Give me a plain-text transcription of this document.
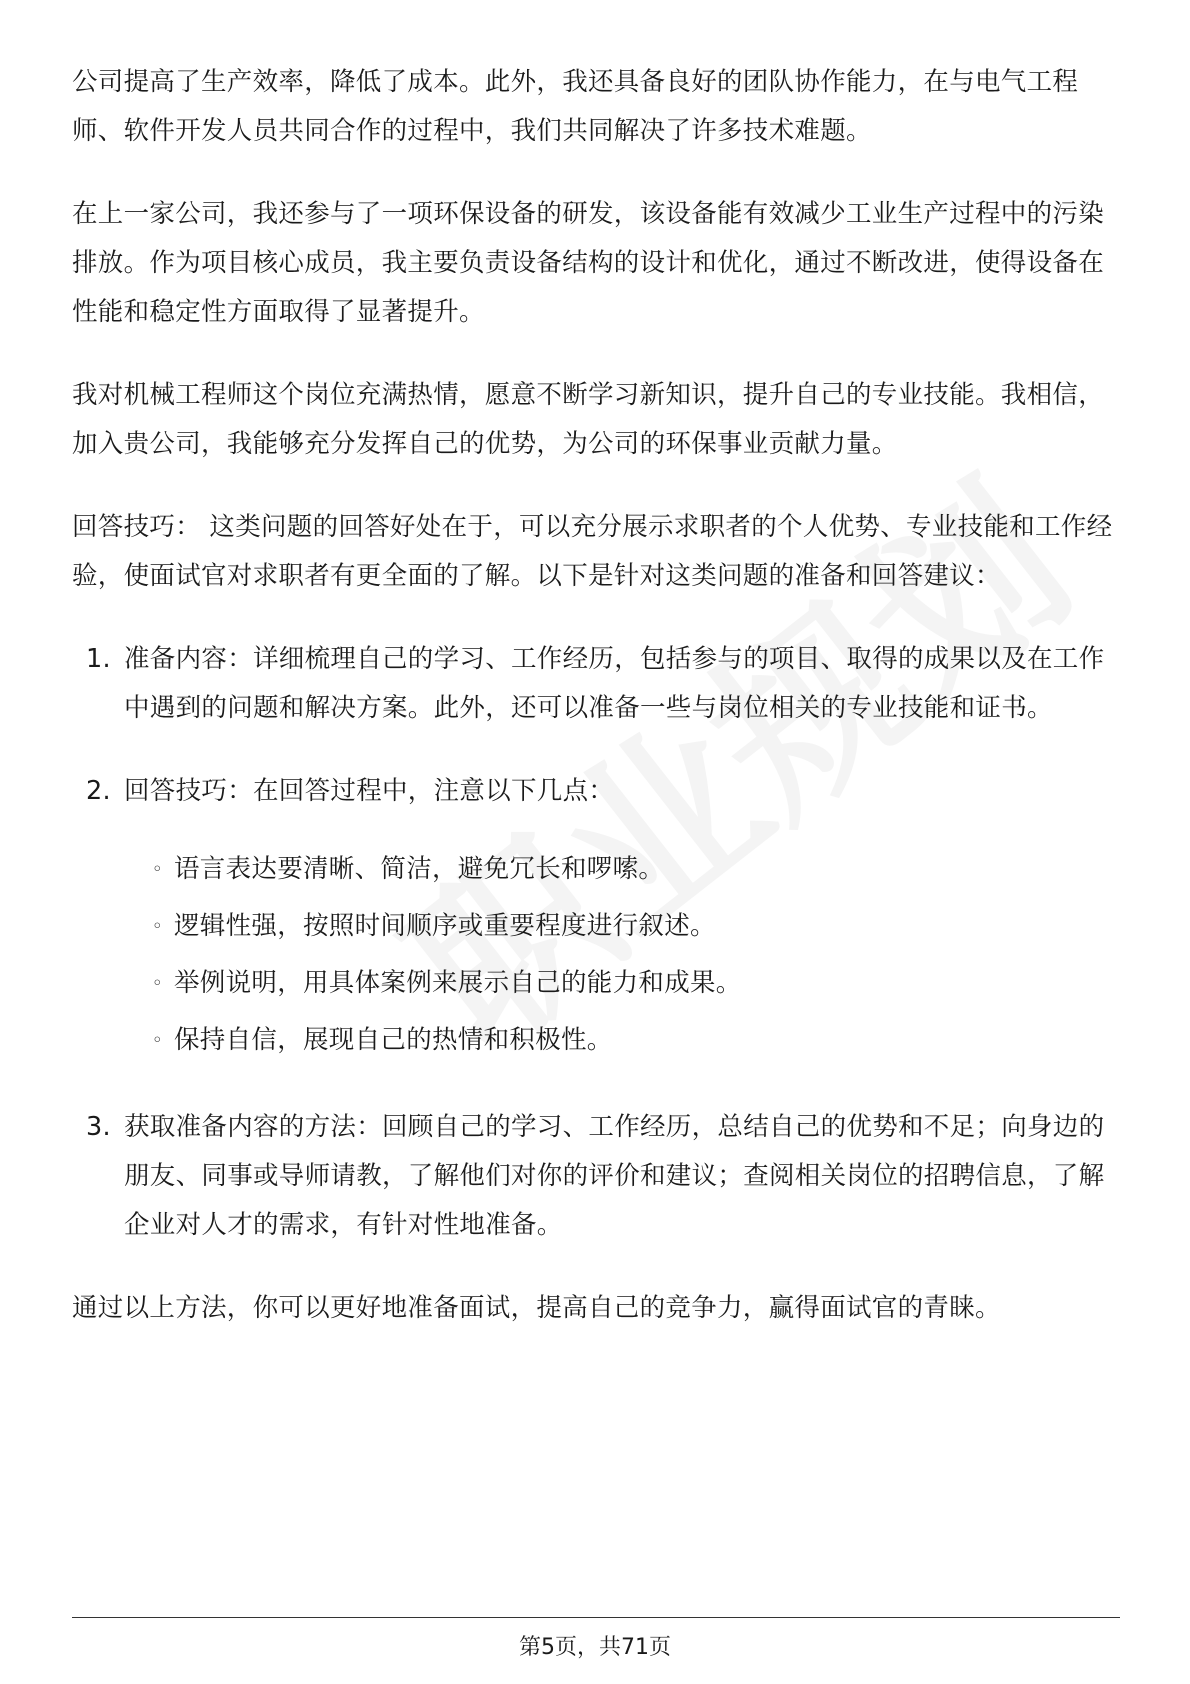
公司提高了生产效率，降低了成本。此外，我还具备良好的团队协作能力，在与电气工程师、软件开发人员共同合作的过程中，我们共同解决了许多技术难题。

在上一家公司，我还参与了一项环保设备的研发，该设备能有效减少工业生产过程中的污染排放。作为项目核心成员，我主要负责设备结构的设计和优化，通过不断改进，使得设备在性能和稳定性方面取得了显著提升。

我对机械工程师这个岗位充满热情，愿意不断学习新知识，提升自己的专业技能。我相信，加入贵公司，我能够充分发挥自己的优势，为公司的环保事业贡献力量。

回答技巧： 这类问题的回答好处在于，可以充分展示求职者的个人优势、专业技能和工作经验，使面试官对求职者有更全面的了解。以下是针对这类问题的准备和回答建议：

1. 准备内容：详细梳理自己的学习、工作经历，包括参与的项目、取得的成果以及在工作中遇到的问题和解决方案。此外，还可以准备一些与岗位相关的专业技能和证书。
2. 回答技巧：在回答过程中，注意以下几点：
◦ 语言表达要清晰、简洁，避免冗长和啰嗦。
◦ 逻辑性强，按照时间顺序或重要程度进行叙述。
◦ 举例说明，用具体案例来展示自己的能力和成果。
◦ 保持自信，展现自己的热情和积极性。
3. 获取准备内容的方法：回顾自己的学习、工作经历，总结自己的优势和不足；向身边的朋友、同事或导师请教，了解他们对你的评价和建议；查阅相关岗位的招聘信息，了解企业对人才的需求，有针对性地准备。

通过以上方法，你可以更好地准备面试，提高自己的竞争力，赢得面试官的青睐。

第5页，共71页
